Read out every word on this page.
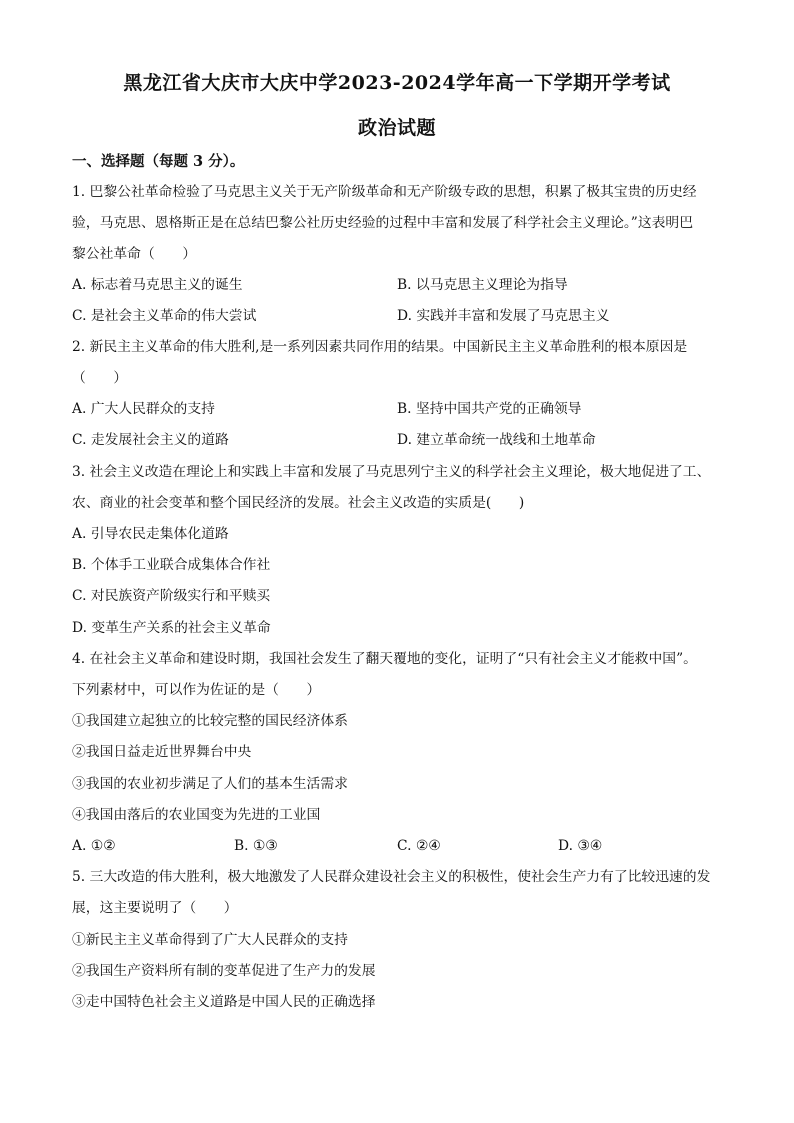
黑龙江省大庆市大庆中学2023-2024学年高一下学期开学考试
政治试题
一、选择题（每题 3 分）。
1. 巴黎公社革命检验了马克思主义关于无产阶级革命和无产阶级专政的思想，积累了极其宝贵的历史经
验，马克思、恩格斯正是在总结巴黎公社历史经验的过程中丰富和发展了科学社会主义理论。”这表明巴
黎公社革命（　　）
A. 标志着马克思主义的诞生	B. 以马克思主义理论为指导
C. 是社会主义革命的伟大尝试	D. 实践并丰富和发展了马克思主义
2. 新民主主义革命的伟大胜利,是一系列因素共同作用的结果。中国新民主主义革命胜利的根本原因是
（　　）
A. 广大人民群众的支持	B. 坚持中国共产党的正确领导
C. 走发展社会主义的道路	D. 建立革命统一战线和土地革命
3. 社会主义改造在理论上和实践上丰富和发展了马克思列宁主义的科学社会主义理论，极大地促进了工、
农、商业的社会变革和整个国民经济的发展。社会主义改造的实质是(　　)
A. 引导农民走集体化道路
B. 个体手工业联合成集体合作社
C. 对民族资产阶级实行和平赎买
D. 变革生产关系的社会主义革命
4. 在社会主义革命和建设时期，我国社会发生了翻天覆地的变化，证明了“只有社会主义才能救中国”。
下列素材中，可以作为佐证的是（　　）
①我国建立起独立的比较完整的国民经济体系
②我国日益走近世界舞台中央
③我国的农业初步满足了人们的基本生活需求
④我国由落后的农业国变为先进的工业国
A. ①②	B. ①③	C. ②④	D. ③④
5. 三大改造的伟大胜利，极大地激发了人民群众建设社会主义的积极性，使社会生产力有了比较迅速的发
展，这主要说明了（　　）
①新民主主义革命得到了广大人民群众的支持
②我国生产资料所有制的变革促进了生产力的发展
③走中国特色社会主义道路是中国人民的正确选择
